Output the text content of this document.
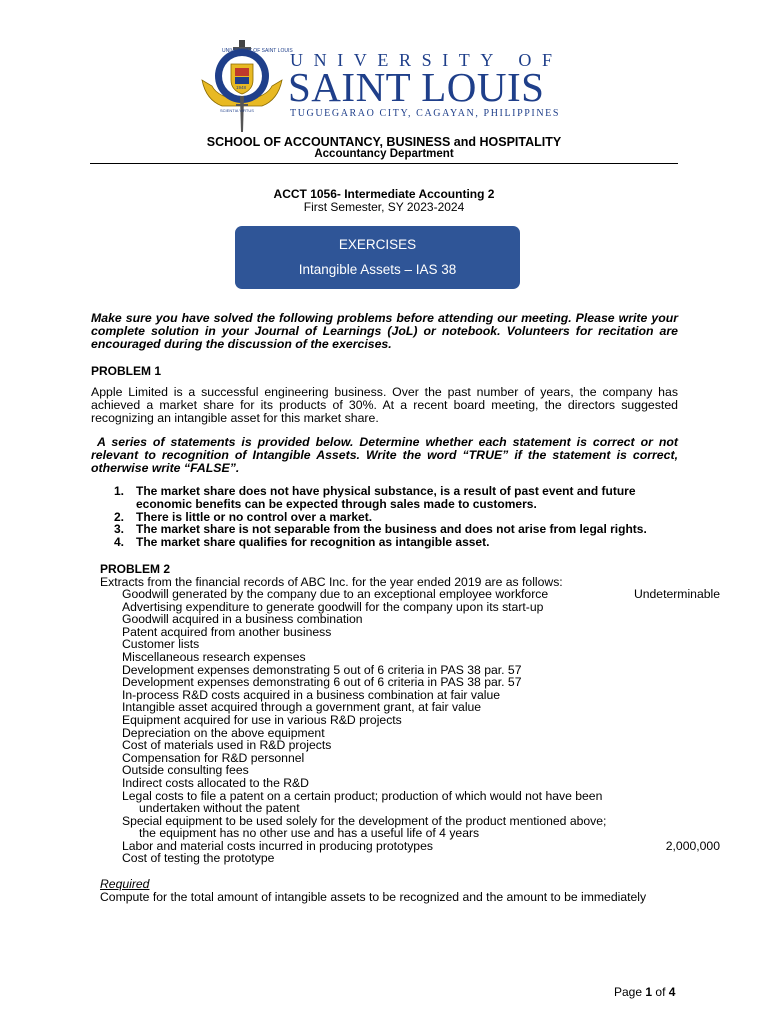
UNIVERSITY OF SAINT LOUIS
1948
SCIENTIA VIRTUS
UNIVERSITY OF
SAINT LOUIS
TUGUEGARAO CITY, CAGAYAN, PHILIPPINES
SCHOOL OF ACCOUNTANCY, BUSINESS and HOSPITALITY
Accountancy Department
ACCT 1056- Intermediate Accounting 2
First Semester, SY 2023-2024
EXERCISES
Intangible Assets – IAS 38
Make sure you have solved the following problems before attending our meeting. Please write your complete solution in your Journal of Learnings (JoL) or notebook. Volunteers for recitation are encouraged during the discussion of the exercises.
PROBLEM 1
Apple Limited is a successful engineering business. Over the past number of years, the company has achieved a market share for its products of 30%. At a recent board meeting, the directors suggested recognizing an intangible asset for this market share.
A series of statements is provided below. Determine whether each statement is correct or not relevant to recognition of Intangible Assets. Write the word “TRUE” if the statement is correct, otherwise write “FALSE”.
1. The market share does not have physical substance, is a result of past event and future economic benefits can be expected through sales made to customers.
2. There is little or no control over a market.
3. The market share is not separable from the business and does not arise from legal rights.
4. The market share qualifies for recognition as intangible asset.
PROBLEM 2
Extracts from the financial records of ABC Inc. for the year ended 2019 are as follows:
Goodwill generated by the company due to an exceptional employee workforce	Undeterminable
Advertising expenditure to generate goodwill for the company upon its start-up
Goodwill acquired in a business combination
Patent acquired from another business
Customer lists
Miscellaneous research expenses
Development expenses demonstrating 5 out of 6 criteria in PAS 38 par. 57
Development expenses demonstrating 6 out of 6 criteria in PAS 38 par. 57
In-process R&D costs acquired in a business combination at fair value
Intangible asset acquired through a government grant, at fair value
Equipment acquired for use in various R&D projects
Depreciation on the above equipment
Cost of materials used in R&D projects
Compensation for R&D personnel
Outside consulting fees
Indirect costs allocated to the R&D
Legal costs to file a patent on a certain product; production of which would not have been
undertaken without the patent
Special equipment to be used solely for the development of the product mentioned above;
the equipment has no other use and has a useful life of 4 years
Labor and material costs incurred in producing prototypes	2,000,000
Cost of testing the prototype
Required
Compute for the total amount of intangible assets to be recognized and the amount to be immediately
Page 1 of 4
